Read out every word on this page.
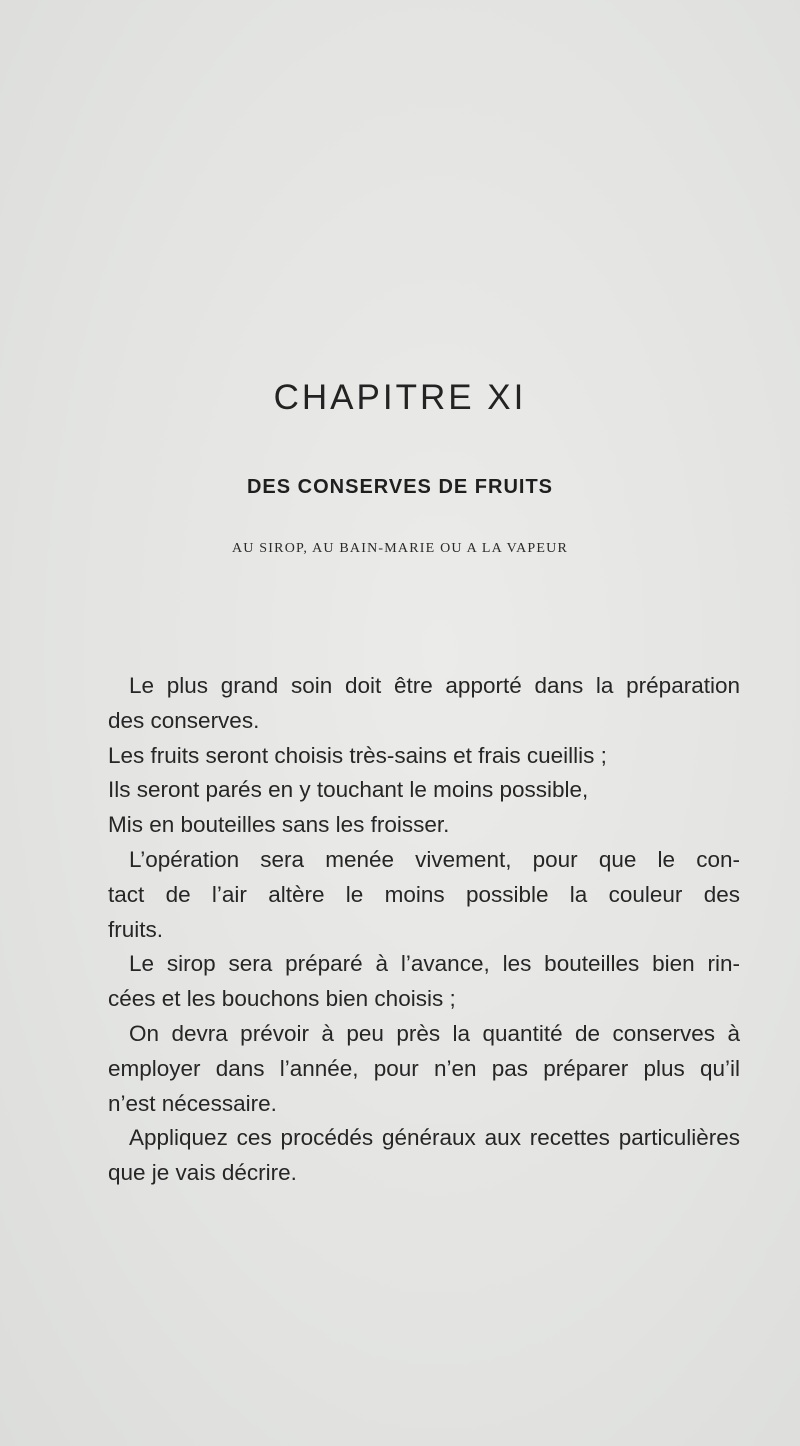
CHAPITRE XI
DES CONSERVES DE FRUITS
AU SIROP, AU BAIN-MARIE OU A LA VAPEUR
Le plus grand soin doit être apporté dans la préparation
des conserves.
Les fruits seront choisis très-sains et frais cueillis ;
Ils seront parés en y touchant le moins possible,
Mis en bouteilles sans les froisser.
L’opération sera menée vivement, pour que le con-
tact de l’air altère le moins possible la couleur des
fruits.
Le sirop sera préparé à l’avance, les bouteilles bien rin-
cées et les bouchons bien choisis ;
On devra prévoir à peu près la quantité de conserves à
employer dans l’année, pour n’en pas préparer plus qu’il
n’est nécessaire.
Appliquez ces procédés généraux aux recettes particulières
que je vais décrire.
